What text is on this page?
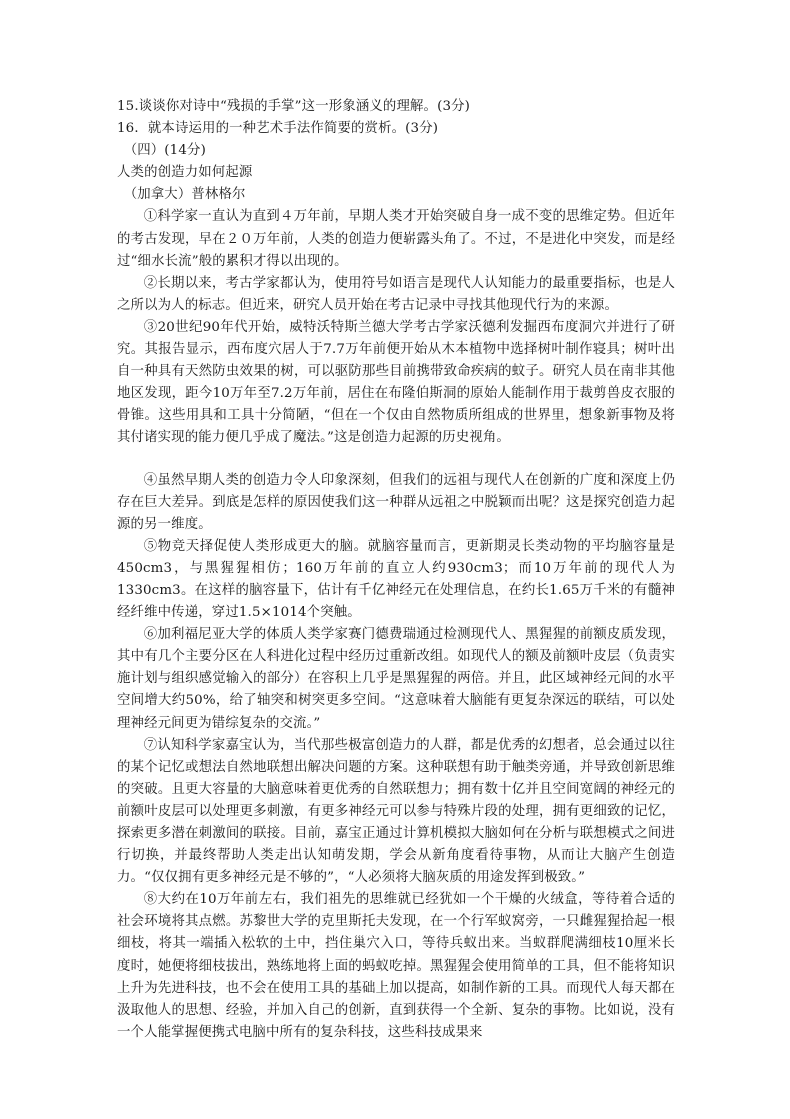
15.谈谈你对诗中“残损的手掌”这一形象涵义的理解。(3分)

16．就本诗运用的一种艺术手法作简要的赏析。(3分)

（四）(14分)

人类的创造力如何起源

（加拿大）普林格尔

①科学家一直认为直到４万年前，早期人类才开始突破自身一成不变的思维定势。但近年的考古发现，早在２０万年前，人类的创造力便崭露头角了。不过，不是进化中突发，而是经过“细水长流”般的累积才得以出现的。

②长期以来，考古学家都认为，使用符号如语言是现代人认知能力的最重要指标，也是人之所以为人的标志。但近来，研究人员开始在考古记录中寻找其他现代行为的来源。

③20世纪90年代开始，威特沃特斯兰德大学考古学家沃德利发掘西布度洞穴并进行了研究。其报告显示，西布度穴居人于7.7万年前便开始从木本植物中选择树叶制作寝具；树叶出自一种具有天然防虫效果的树，可以驱防那些目前携带致命疾病的蚊子。研究人员在南非其他地区发现，距今10万年至7.2万年前，居住在布隆伯斯洞的原始人能制作用于裁剪兽皮衣服的骨锥。这些用具和工具十分简陋，“但在一个仅由自然物质所组成的世界里，想象新事物及将其付诸实现的能力便几乎成了魔法。”这是创造力起源的历史视角。

④虽然早期人类的创造力令人印象深刻，但我们的远祖与现代人在创新的广度和深度上仍存在巨大差异。到底是怎样的原因使我们这一种群从远祖之中脱颖而出呢？这是探究创造力起源的另一维度。

⑤物竞天择促使人类形成更大的脑。就脑容量而言，更新期灵长类动物的平均脑容量是450cm3，与黑猩猩相仿；160万年前的直立人约930cm3；而10万年前的现代人为1330cm3。在这样的脑容量下，估计有千亿神经元在处理信息，在约长1.65万千米的有髓神经纤维中传递，穿过1.5×1014个突触。

⑥加利福尼亚大学的体质人类学家赛门德费瑞通过检测现代人、黑猩猩的前额皮质发现，其中有几个主要分区在人科进化过程中经历过重新改组。如现代人的额及前额叶皮层（负责实施计划与组织感觉输入的部分）在容积上几乎是黑猩猩的两倍。并且，此区域神经元间的水平空间增大约50%，给了轴突和树突更多空间。“这意味着大脑能有更复杂深远的联结，可以处理神经元间更为错综复杂的交流。”

⑦认知科学家嘉宝认为，当代那些极富创造力的人群，都是优秀的幻想者，总会通过以往的某个记忆或想法自然地联想出解决问题的方案。这种联想有助于触类旁通，并导致创新思维的突破。且更大容量的大脑意味着更优秀的自然联想力；拥有数十亿并且空间宽阔的神经元的前额叶皮层可以处理更多刺激，有更多神经元可以参与特殊片段的处理，拥有更细致的记忆，探索更多潜在刺激间的联接。目前，嘉宝正通过计算机模拟大脑如何在分析与联想模式之间进行切换，并最终帮助人类走出认知萌发期，学会从新角度看待事物，从而让大脑产生创造力。“仅仅拥有更多神经元是不够的”，“人必须将大脑灰质的用途发挥到极致。”

⑧大约在10万年前左右，我们祖先的思维就已经犹如一个干燥的火绒盒，等待着合适的社会环境将其点燃。苏黎世大学的克里斯托夫发现，在一个行军蚁窝旁，一只雌猩猩拾起一根细枝，将其一端插入松软的土中，挡住巢穴入口，等待兵蚁出来。当蚁群爬满细枝10厘米长度时，她便将细枝拔出，熟练地将上面的蚂蚁吃掉。黑猩猩会使用简单的工具，但不能将知识上升为先进科技，也不会在使用工具的基础上加以提高，如制作新的工具。而现代人每天都在汲取他人的思想、经验，并加入自己的创新，直到获得一个全新、复杂的事物。比如说，没有一个人能掌握便携式电脑中所有的复杂科技，这些科技成果来
